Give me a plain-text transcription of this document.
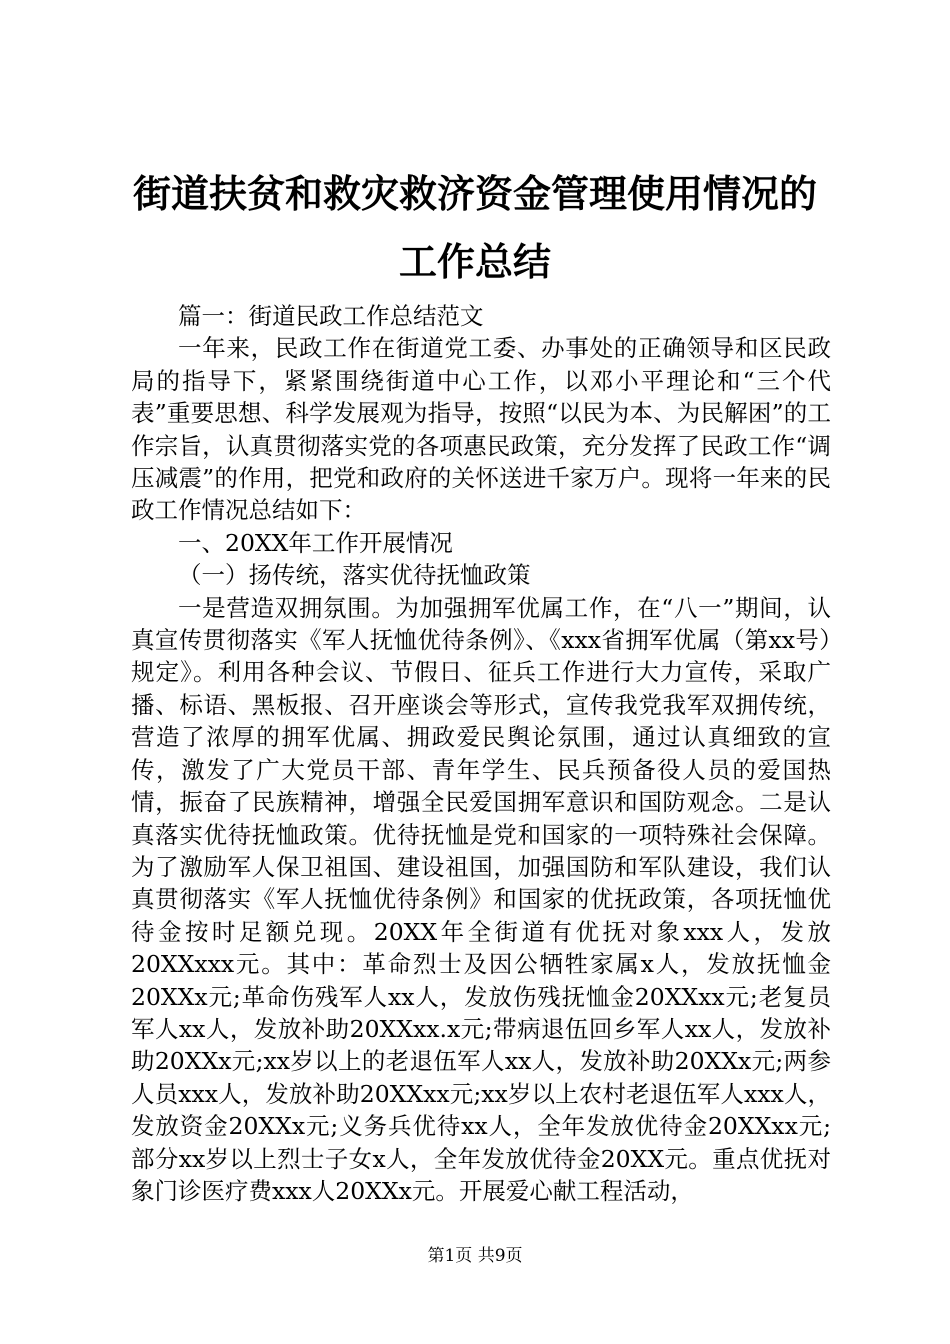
街道扶贫和救灾救济资金管理使用情况的工作总结

篇一：街道民政工作总结范文

一年来，民政工作在街道党工委、办事处的正确领导和区民政局的指导下，紧紧围绕街道中心工作，以邓小平理论和“三个代表”重要思想、科学发展观为指导，按照“以民为本、为民解困”的工作宗旨，认真贯彻落实党的各项惠民政策，充分发挥了民政工作“调压减震”的作用，把党和政府的关怀送进千家万户。现将一年来的民政工作情况总结如下：

一、20XX年工作开展情况

（一）扬传统，落实优待抚恤政策

一是营造双拥氛围。为加强拥军优属工作，在“八一”期间，认真宣传贯彻落实《军人抚恤优待条例》、《xxx省拥军优属（第xx号）规定》。利用各种会议、节假日、征兵工作进行大力宣传，采取广播、标语、黑板报、召开座谈会等形式，宣传我党我军双拥传统，营造了浓厚的拥军优属、拥政爱民舆论氛围，通过认真细致的宣传，激发了广大党员干部、青年学生、民兵预备役人员的爱国热情，振奋了民族精神，增强全民爱国拥军意识和国防观念。二是认真落实优待抚恤政策。优待抚恤是党和国家的一项特殊社会保障。为了激励军人保卫祖国、建设祖国，加强国防和军队建设，我们认真贯彻落实《军人抚恤优待条例》和国家的优抚政策，各项抚恤优待金按时足额兑现。20XX年全街道有优抚对象xxx人，发放20XXxxx元。其中：革命烈士及因公牺牲家属x人，发放抚恤金20XXx元;革命伤残军人xx人，发放伤残抚恤金20XXxx元;老复员军人xx人，发放补助20XXxx.x元;带病退伍回乡军人xx人，发放补助20XXx元;xx岁以上的老退伍军人xx人，发放补助20XXx元;两参人员xxx人，发放补助20XXxx元;xx岁以上农村老退伍军人xxx人，发放资金20XXx元;义务兵优待xx人，全年发放优待金20XXxx元;部分xx岁以上烈士子女x人，全年发放优待金20XX元。重点优抚对象门诊医疗费xxx人20XXx元。开展爱心献工程活动，

第1页 共9页
